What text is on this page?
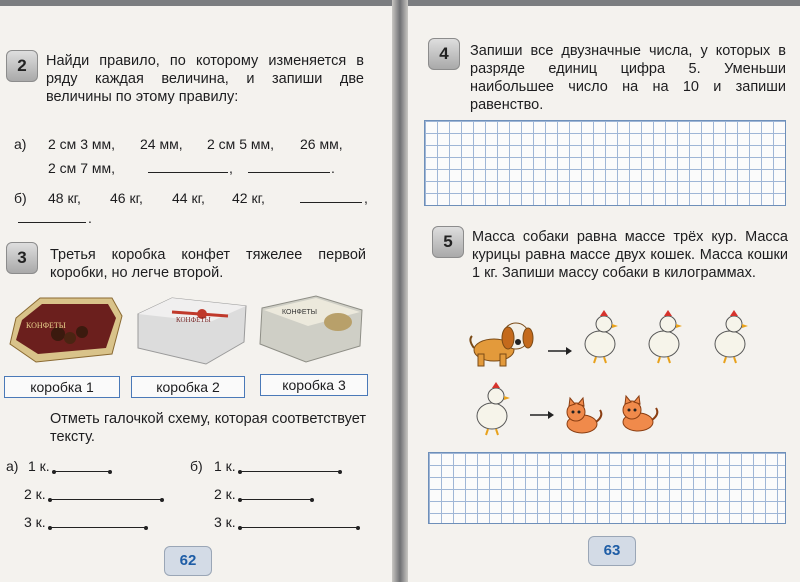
2	Найди правило, по которому изменяется в ряду каждая величина, и запиши две величины по этому правилу:
а) 2 см 3 мм, 24 мм, 2 см 5 мм, 26 мм,
2 см 7 мм,	,	.
б) 48 кг, 46 кг, 44 кг, 42 кг,	,
.
3	Третья коробка конфет тяжелее первой коробки, но легче второй.
КОНФЕТЫ
КОНФЕТЫ
КОНФЕТЫ
коробка 1	коробка 2	коробка 3
Отметь галочкой схему, которая соответствует тексту.
а) 1 к.
2 к.
3 к.
б) 1 к.
2 к.
3 к.
62
4	Запиши все двузначные числа, у которых в разряде единиц цифра 5. Уменьши наибольшее число на на 10 и запиши равенство.
5	Масса собаки равна массе трёх кур. Масса курицы равна массе двух кошек. Масса кошки 1 кг. Запиши массу собаки в килограммах.
63
